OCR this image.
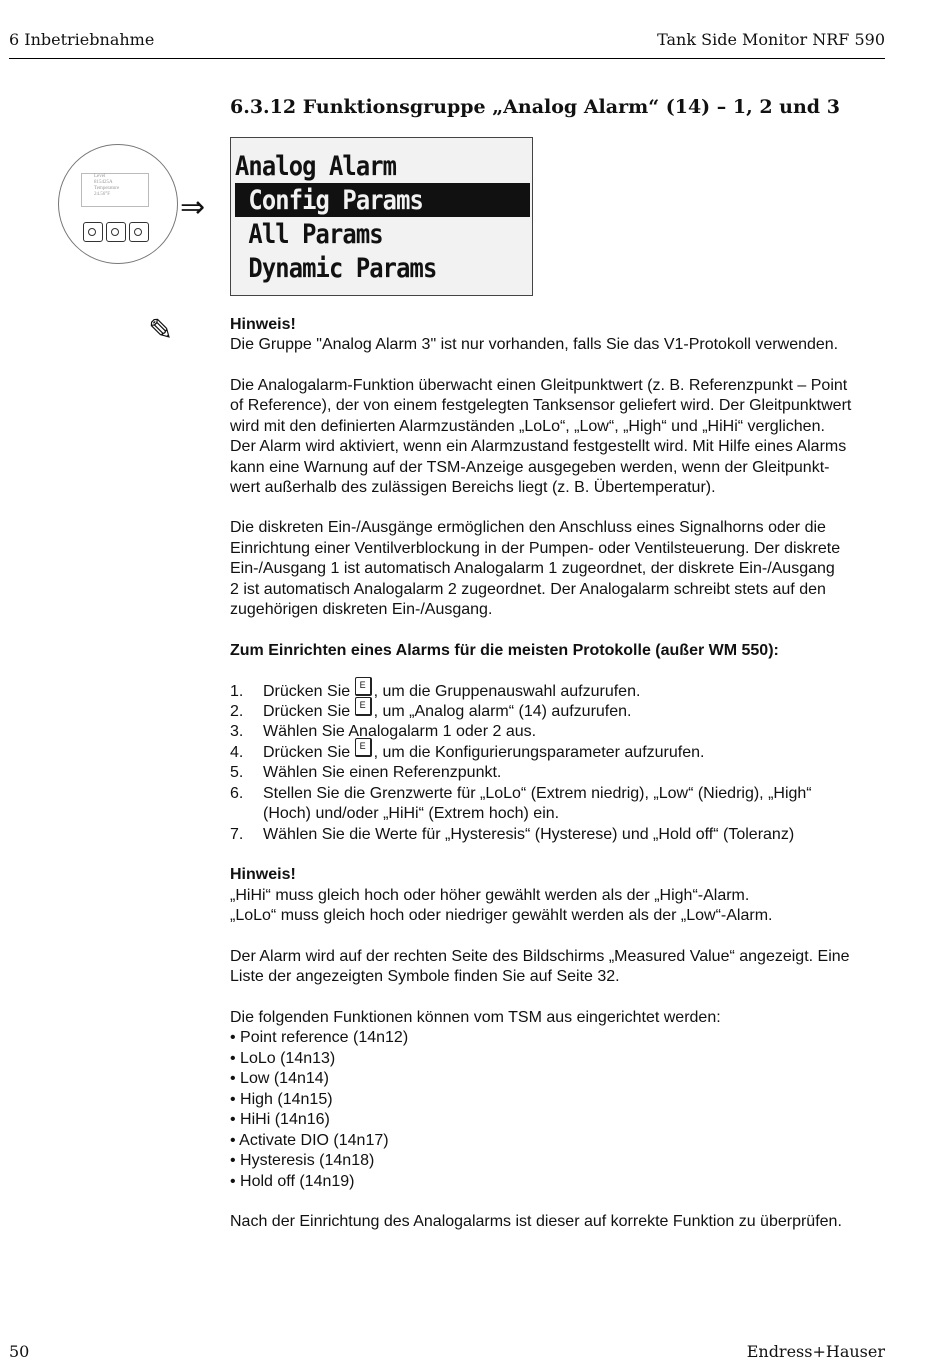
6 Inbetriebnahme	Tank Side Monitor NRF 590
6.3.12 Funktionsgruppe „Analog Alarm“ (14) – 1, 2 und 3
Level
815425A
Temperature
24.56°F	⇒
Analog Alarm
Config Params
All Params
Dynamic Params
✎	Hinweis!
Die Gruppe "Analog Alarm 3" ist nur vorhanden, falls Sie das V1-Protokoll verwenden.
Die Analogalarm-Funktion überwacht einen Gleitpunktwert (z. B. Referenzpunkt – Point
of Reference), der von einem festgelegten Tanksensor geliefert wird. Der Gleitpunktwert
wird mit den definierten Alarmzuständen „LoLo“, „Low“, „High“ und „HiHi“ verglichen.
Der Alarm wird aktiviert, wenn ein Alarmzustand festgestellt wird. Mit Hilfe eines Alarms
kann eine Warnung auf der TSM-Anzeige ausgegeben werden, wenn der Gleitpunkt-
wert außerhalb des zulässigen Bereichs liegt (z. B. Übertemperatur).
Die diskreten Ein-/Ausgänge ermöglichen den Anschluss eines Signalhorns oder die
Einrichtung einer Ventilverblockung in der Pumpen- oder Ventilsteuerung. Der diskrete
Ein-/Ausgang 1 ist automatisch Analogalarm 1 zugeordnet, der diskrete Ein-/Ausgang
2 ist automatisch Analogalarm 2 zugeordnet. Der Analogalarm schreibt stets auf den
zugehörigen diskreten Ein-/Ausgang.
Zum Einrichten eines Alarms für die meisten Protokolle (außer WM 550):
1. Drücken Sie E , um die Gruppenauswahl aufzurufen.
2. Drücken Sie E , um „Analog alarm“ (14) aufzurufen.
3. Wählen Sie Analogalarm 1 oder 2 aus.
4. Drücken Sie E , um die Konfigurierungsparameter aufzurufen.
5. Wählen Sie einen Referenzpunkt.
6. Stellen Sie die Grenzwerte für „LoLo“ (Extrem niedrig), „Low“ (Niedrig), „High“
(Hoch) und/oder „HiHi“ (Extrem hoch) ein.
7. Wählen Sie die Werte für „Hysteresis“ (Hysterese) und „Hold off“ (Toleranz)
Hinweis!
„HiHi“ muss gleich hoch oder höher gewählt werden als der „High“-Alarm.
„LoLo“ muss gleich hoch oder niedriger gewählt werden als der „Low“-Alarm.
Der Alarm wird auf der rechten Seite des Bildschirms „Measured Value“ angezeigt. Eine
Liste der angezeigten Symbole finden Sie auf Seite 32.
Die folgenden Funktionen können vom TSM aus eingerichtet werden:
• Point reference (14n12)
• LoLo (14n13)
• Low (14n14)
• High (14n15)
• HiHi (14n16)
• Activate DIO (14n17)
• Hysteresis (14n18)
• Hold off (14n19)
Nach der Einrichtung des Analogalarms ist dieser auf korrekte Funktion zu überprüfen.
50	Endress+Hauser
